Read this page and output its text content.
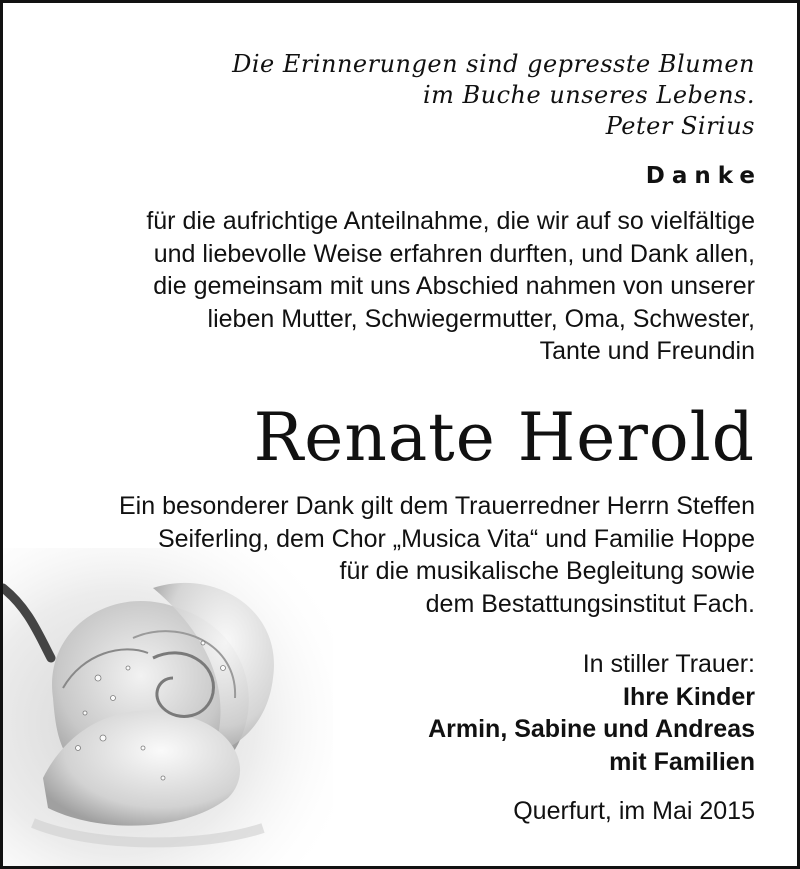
Die Erinnerungen sind gepresste Blumen
im Buche unseres Lebens.
Peter Sirius
Danke
für die aufrichtige Anteilnahme, die wir auf so vielfältige
und liebevolle Weise erfahren durften, und Dank allen,
die gemeinsam mit uns Abschied nahmen von unserer
lieben Mutter, Schwiegermutter, Oma, Schwester,
Tante und Freundin
Renate Herold
Ein besonderer Dank gilt dem Trauerredner Herrn Steffen
Seiferling, dem Chor „Musica Vita“ und Familie Hoppe
für die musikalische Begleitung sowie
dem Bestattungsinstitut Fach.
In stiller Trauer:
Ihre Kinder
Armin, Sabine und Andreas
mit Familien
Querfurt, im Mai 2015
